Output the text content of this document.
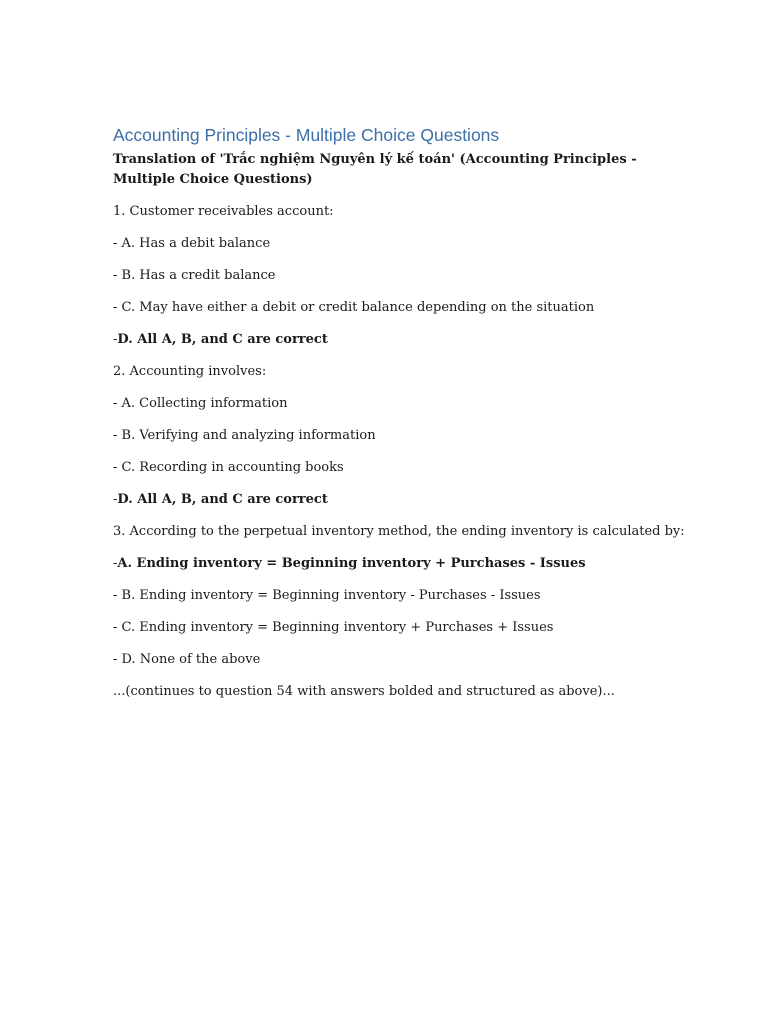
Accounting Principles - Multiple Choice Questions

Translation of 'Trắc nghiệm Nguyên lý kế toán' (Accounting Principles - Multiple Choice Questions)

1. Customer receivables account:

- A. Has a debit balance

- B. Has a credit balance

- C. May have either a debit or credit balance depending on the situation

-D. All A, B, and C are correct

2. Accounting involves:

- A. Collecting information

- B. Verifying and analyzing information

- C. Recording in accounting books

-D. All A, B, and C are correct

3. According to the perpetual inventory method, the ending inventory is calculated by:

-A. Ending inventory = Beginning inventory + Purchases - Issues

- B. Ending inventory = Beginning inventory - Purchases - Issues

- C. Ending inventory = Beginning inventory + Purchases + Issues

- D. None of the above

...(continues to question 54 with answers bolded and structured as above)...
